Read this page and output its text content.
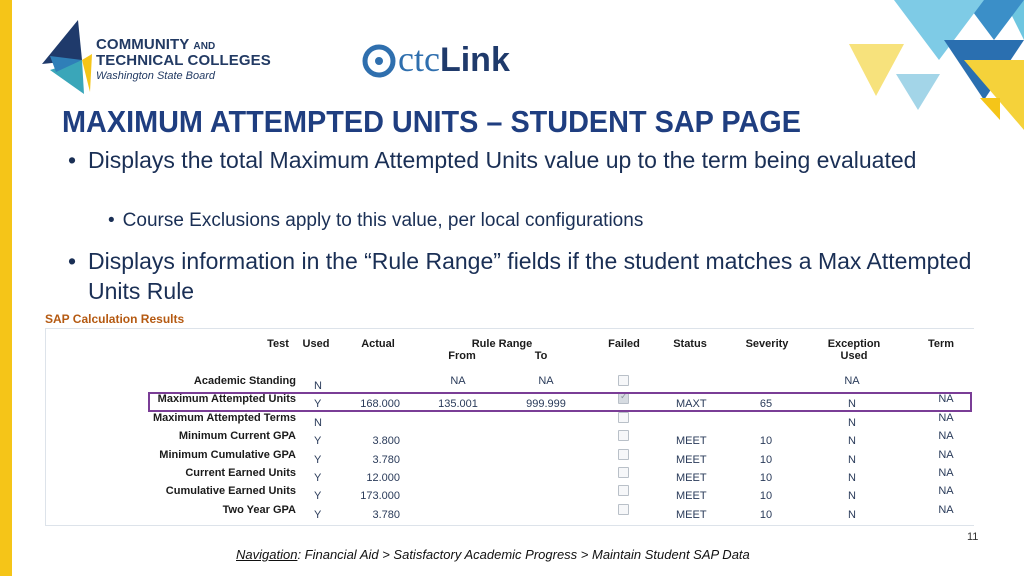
COMMUNITY AND
TECHNICAL COLLEGES
Washington State Board	ctcLink
MAXIMUM ATTEMPTED UNITS – STUDENT SAP PAGE
• Displays the total Maximum Attempted Units value up to the term being evaluated
• Course Exclusions apply to this value, per local configurations
• Displays information in the “Rule Range” fields if the student matches a Max Attempted Units Rule
SAP Calculation Results
Test	Used	Actual	Rule Range
From	To
Failed	Status	Severity	Exception
Used
Term
Academic Standing N	NA	NA	NA
Maximum Attempted Units Y	168.000	135.001	999.999
✓	MAXT	65	N	NA
Maximum Attempted Terms N	N	NA
Minimum Current GPA Y	3.800	MEET	10	N	NA
Minimum Cumulative GPA Y	3.780	MEET	10	N	NA
Current Earned Units Y	12.000	MEET	10	N	NA
Cumulative Earned Units Y	173.000	MEET	10	N	NA
Two Year GPA Y	3.780	MEET	10	N	NA
11
Navigation: Financial Aid > Satisfactory Academic Progress > Maintain Student SAP Data
